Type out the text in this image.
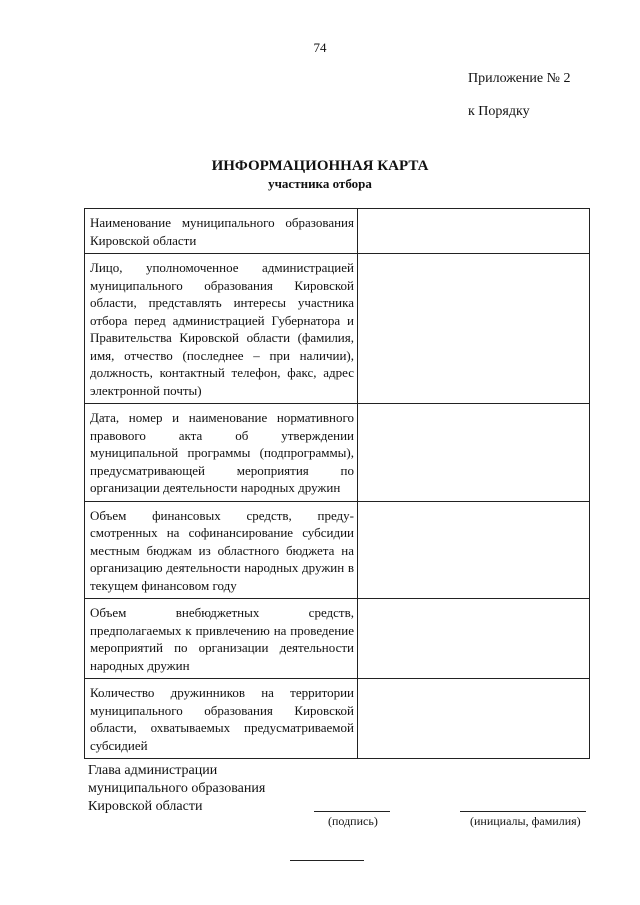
74
Приложение № 2
к Порядку
ИНФОРМАЦИОННАЯ КАРТА
участника отбора
Наименование муниципального образования Кировской области	
Лицо, уполномоченное администрацией муниципального образования Кировской области, представлять интересы участника отбора перед администрацией Губернатора и Правительства Кировской области (фамилия, имя, отчество (последнее – при наличии), должность, контактный телефон, факс, адрес электронной почты)	
Дата, номер и наименование нормативного правового акта об утверждении муниципальной программы (подпрограммы), предусматривающей мероприятия по организации деятельности народных дружин	
Объем финансовых средств, преду-смотренных на софинансирование субсидии местным бюджам из областного бюджета на организацию деятельности народных дружин в текущем финансовом году	
Объем внебюджетных средств, предполагаемых к привлечению на проведение мероприятий по организации деятельности народных дружин	
Количество дружинников на территории муниципального образования Кировской области, охватываемых предусматриваемой субсидией	
Глава администрации
муниципального образования
Кировской области
(подпись)	(инициалы, фамилия)
